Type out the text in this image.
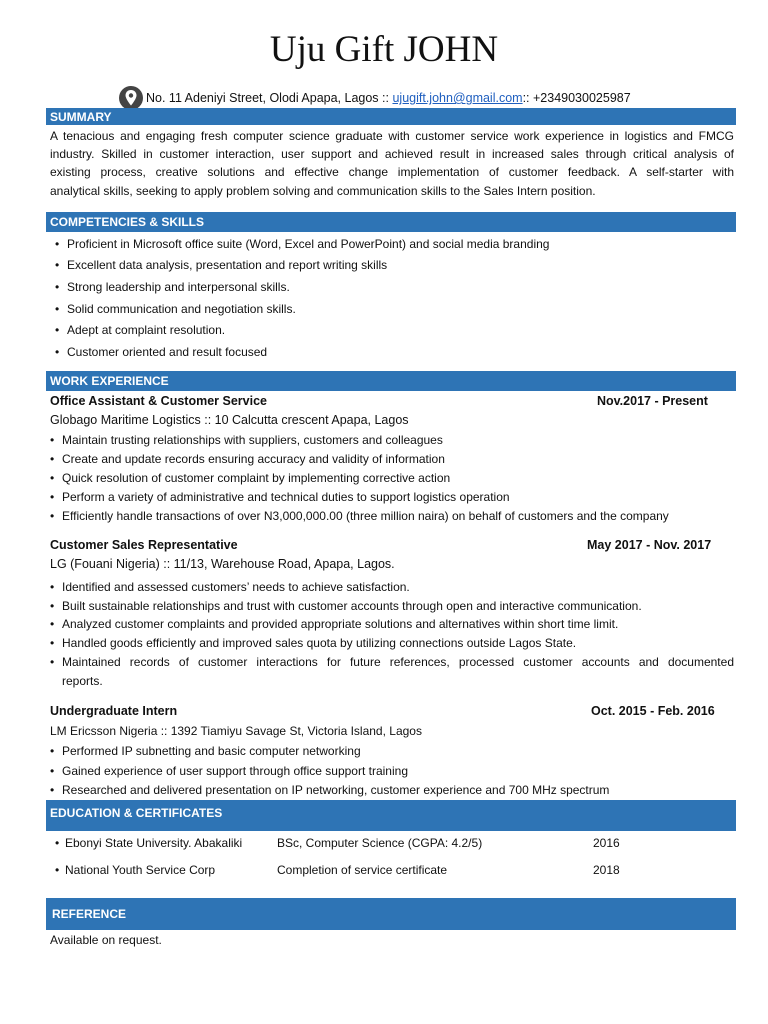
Uju Gift JOHN
No. 11 Adeniyi Street, Olodi Apapa, Lagos ::
ujugift.john@gmail.com :: +2349030025987
SUMMARY
A tenacious and engaging fresh computer science graduate with customer service work experience in logistics and FMCG
industry. Skilled in customer interaction, user support and achieved result in increased sales through critical analysis of
existing process, creative solutions and effective change implementation of customer feedback. A self-starter with
analytical skills, seeking to apply problem solving and communication skills to the Sales Intern position.
COMPETENCIES & SKILLS
• Proficient in Microsoft office suite (Word, Excel and PowerPoint) and social media branding
• Excellent data analysis, presentation and report writing skills
• Strong leadership and interpersonal skills.
• Solid communication and negotiation skills.
• Adept at complaint resolution.
• Customer oriented and result focused
WORK EXPERIENCE
Office Assistant & Customer Service	Nov.2017 - Present
Globago Maritime Logistics :: 10 Calcutta crescent Apapa, Lagos
• Maintain trusting relationships with suppliers, customers and colleagues
• Create and update records ensuring accuracy and validity of information
• Quick resolution of customer complaint by implementing corrective action
• Perform a variety of administrative and technical duties to support logistics operation
• Efficiently handle transactions of over N3,000,000.00 (three million naira) on behalf of customers and the company
Customer Sales Representative	May 2017 - Nov. 2017
LG (Fouani Nigeria) :: 11/13, Warehouse Road, Apapa, Lagos.
• Identified and assessed customers’ needs to achieve satisfaction.
• Built sustainable relationships and trust with customer accounts through open and interactive communication.
• Analyzed customer complaints and provided appropriate solutions and alternatives within short time limit.
• Handled goods efficiently and improved sales quota by utilizing connections outside Lagos State.
• Maintained records of customer interactions for future references, processed customer accounts and documented
reports.
Undergraduate Intern	Oct. 2015 - Feb. 2016
LM Ericsson Nigeria :: 1392 Tiamiyu Savage St, Victoria Island, Lagos
• Performed IP subnetting and basic computer networking
• Gained experience of user support through office support training
• Researched and delivered presentation on IP networking, customer experience and 700 MHz spectrum
EDUCATION & CERTIFICATES
• Ebonyi State University. Abakaliki	BSc, Computer Science (CGPA: 4.2/5)	2016
• National Youth Service Corp	Completion of service certificate	2018
REFERENCE
Available on request.
